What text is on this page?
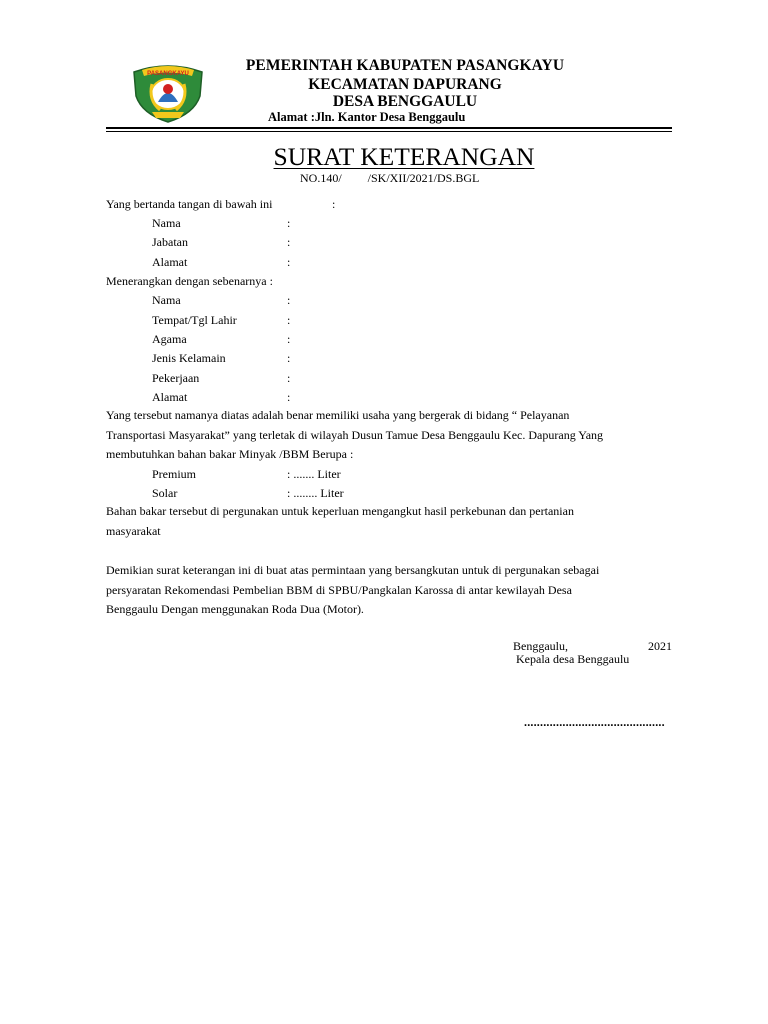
PASANGKAYU	PEMERINTAH KABUPATEN PASANGKAYU
KECAMATAN DAPURANG
DESA BENGGAULU
Alamat :Jln. Kantor Desa Benggaulu
SURAT KETERANGAN
NO.140/ /SK/XII/2021/DS.BGL
Yang bertanda tangan di bawah ini	:
Nama	:
Jabatan	:
Alamat	:
Menerangkan dengan sebenarnya :
Nama	:
Tempat/Tgl Lahir	:
Agama	:
Jenis Kelamain	:
Pekerjaan	:
Alamat	:
Yang tersebut namanya diatas adalah benar memiliki usaha yang bergerak di bidang “ Pelayanan
Transportasi Masyarakat” yang terletak di wilayah Dusun Tamue Desa Benggaulu Kec. Dapurang Yang
membutuhkan bahan bakar Minyak /BBM Berupa :
Premium	: ....... Liter
Solar	: ........ Liter
Bahan bakar tersebut di pergunakan untuk keperluan mengangkut hasil perkebunan dan pertanian
masyarakat
Demikian surat keterangan ini di buat atas permintaan yang bersangkutan untuk di pergunakan sebagai
persyaratan Rekomendasi Pembelian BBM di SPBU/Pangkalan Karossa di antar kewilayah Desa
Benggaulu Dengan menggunakan Roda Dua (Motor).
Benggaulu,	2021
Kepala desa Benggaulu
............................................
